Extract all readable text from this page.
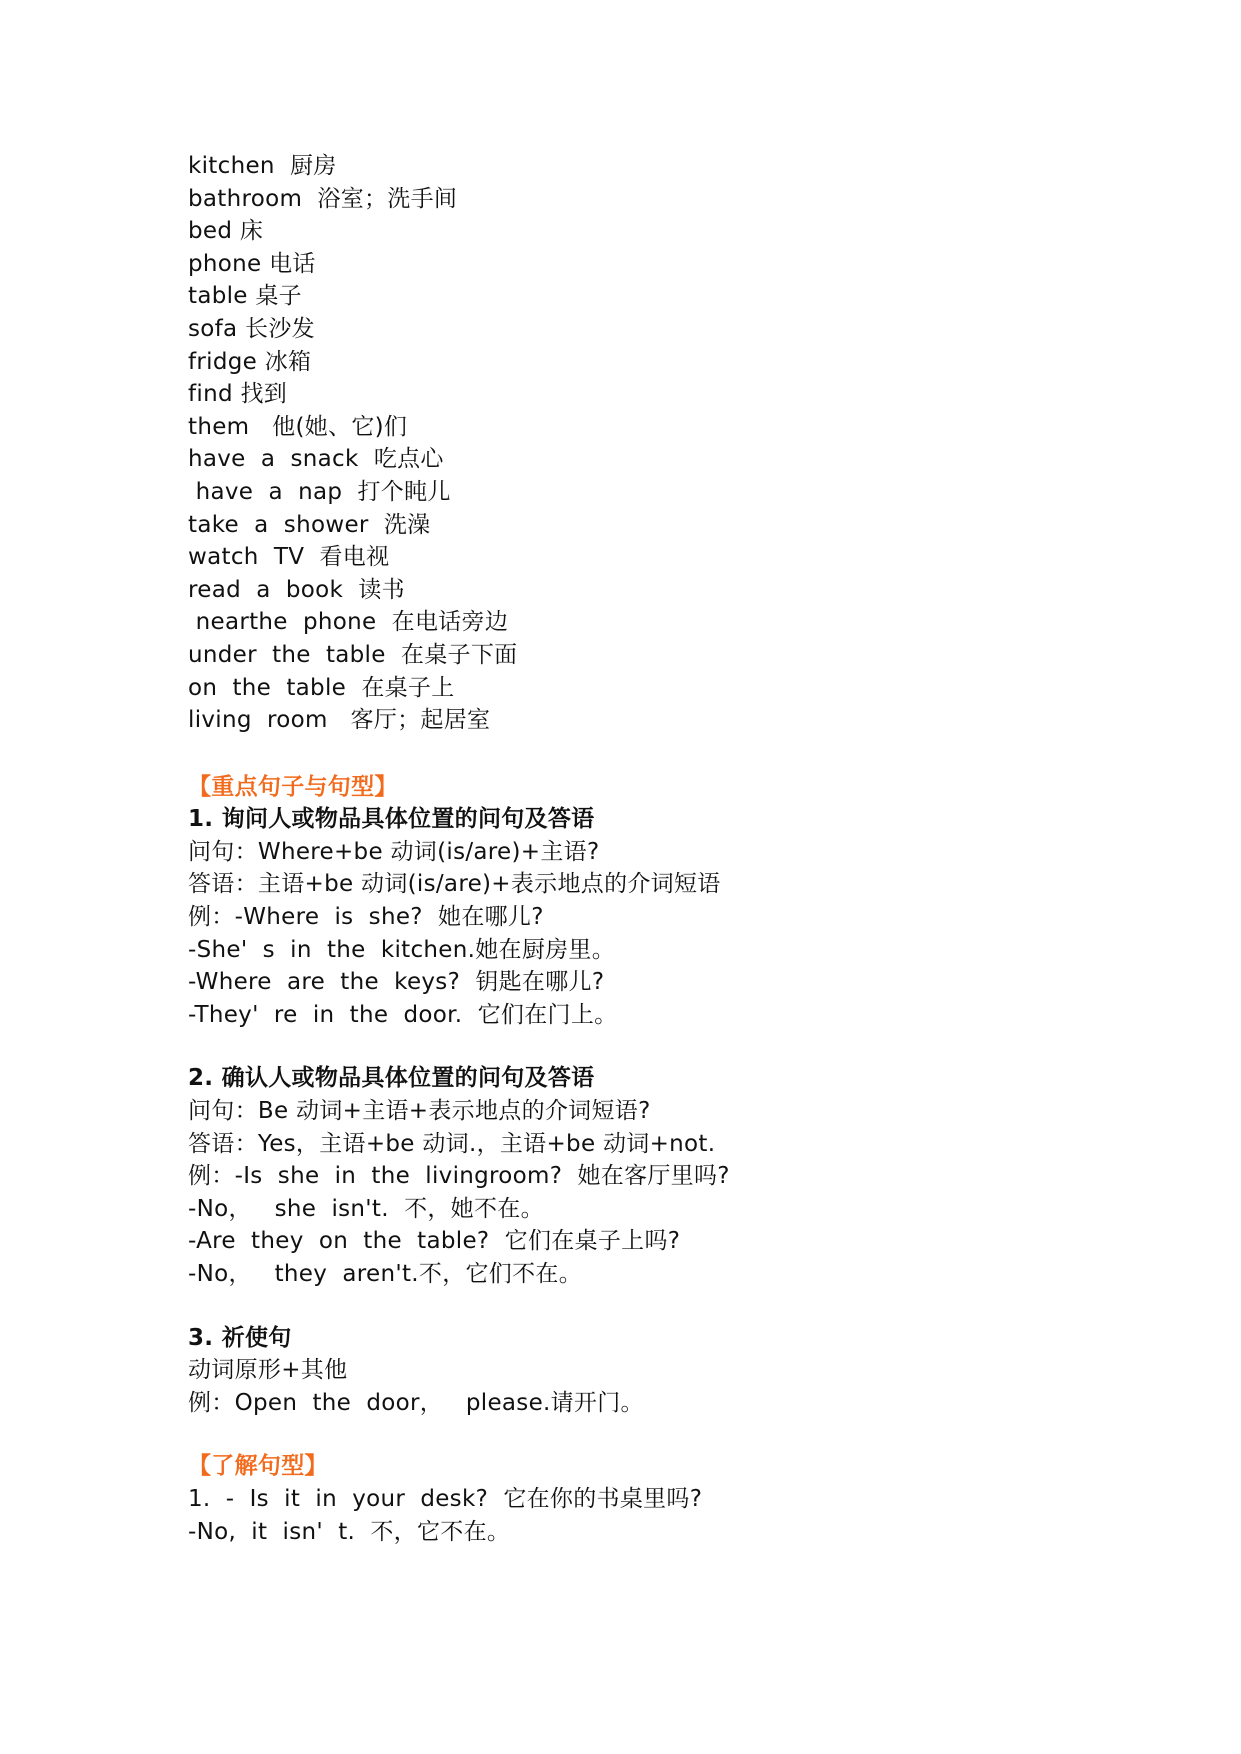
kitchen  厨房
bathroom  浴室；洗手间
bed 床
phone 电话
table 桌子
sofa 长沙发
fridge 冰箱
find 找到
them   他(她、它)们
have  a  snack  吃点心
have  a  nap  打个盹儿
take  a  shower  洗澡
watch  TV  看电视
read  a  book  读书
nearthe  phone  在电话旁边
under  the  table  在桌子下面
on  the  table  在桌子上
living  room   客厅；起居室
【重点句子与句型】
1. 询问人或物品具体位置的问句及答语
问句：Where+be 动词(is/are)+主语?
答语：主语+be 动词(is/are)+表示地点的介词短语
例：-Where  is  she?  她在哪儿?
-She'  s  in  the  kitchen.她在厨房里。
-Where  are  the  keys?  钥匙在哪儿?
-They'  re  in  the  door.  它们在门上。
2. 确认人或物品具体位置的问句及答语
问句：Be 动词+主语+表示地点的介词短语?
答语：Yes，主语+be 动词.，主语+be 动词+not.
例：-Is  she  in  the  livingroom?  她在客厅里吗?
-No，   she  isn't.  不，她不在。
-Are  they  on  the  table?  它们在桌子上吗?
-No，   they  aren't.不，它们不在。
3. 祈使句
动词原形+其他
例：Open  the  door，   please.请开门。
【了解句型】
1.  -  Is  it  in  your  desk?  它在你的书桌里吗?
-No,  it  isn'  t.  不，它不在。
